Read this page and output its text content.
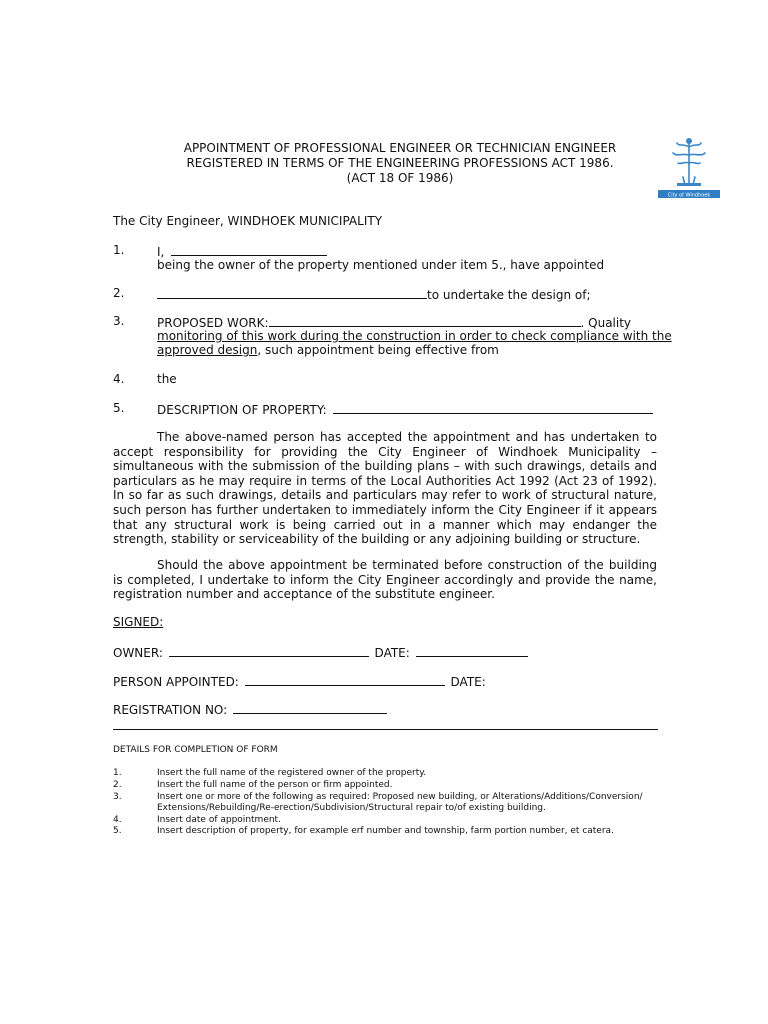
APPOINTMENT OF PROFESSIONAL ENGINEER OR TECHNICIAN ENGINEER
REGISTERED IN TERMS OF THE ENGINEERING PROFESSIONS ACT 1986.
(ACT 18 OF 1986)
City of Windhoek
The City Engineer, WINDHOEK MUNICIPALITY
1.	I,
being the owner of the property mentioned under item 5., have appointed
2.	to undertake the design of;
3.	PROPOSED WORK:	. Quality
monitoring of this work during the construction in order to check compliance with the
approved design, such appointment being effective from
4.	the
5.	DESCRIPTION OF PROPERTY:
The above-named person has accepted the appointment and has undertaken to accept responsibility for providing the City Engineer of Windhoek Municipality – simultaneous with the submission of the building plans – with such drawings, details and particulars as he may require in terms of the Local Authorities Act 1992 (Act 23 of 1992). In so far as such drawings, details and particulars may refer to work of structural nature, such person has further undertaken to immediately inform the City Engineer if it appears that any structural work is being carried out in a manner which may endanger the strength, stability or serviceability of the building or any adjoining building or structure.
Should the above appointment be terminated before construction of the building is completed, I undertake to inform the City Engineer accordingly and provide the name, registration number and acceptance of the substitute engineer.
SIGNED:
OWNER:	DATE:
PERSON APPOINTED:	DATE:
REGISTRATION NO:
DETAILS FOR COMPLETION OF FORM
1.	Insert the full name of the registered owner of the property.
2.	Insert the full name of the person or firm appointed.
3.	Insert one or more of the following as required: Proposed new building, or Alterations/Additions/Conversion/
Extensions/Rebuilding/Re-erection/Subdivision/Structural repair to/of existing building.
4.	Insert date of appointment.
5.	Insert description of property, for example erf number and township, farm portion number, et catera.
